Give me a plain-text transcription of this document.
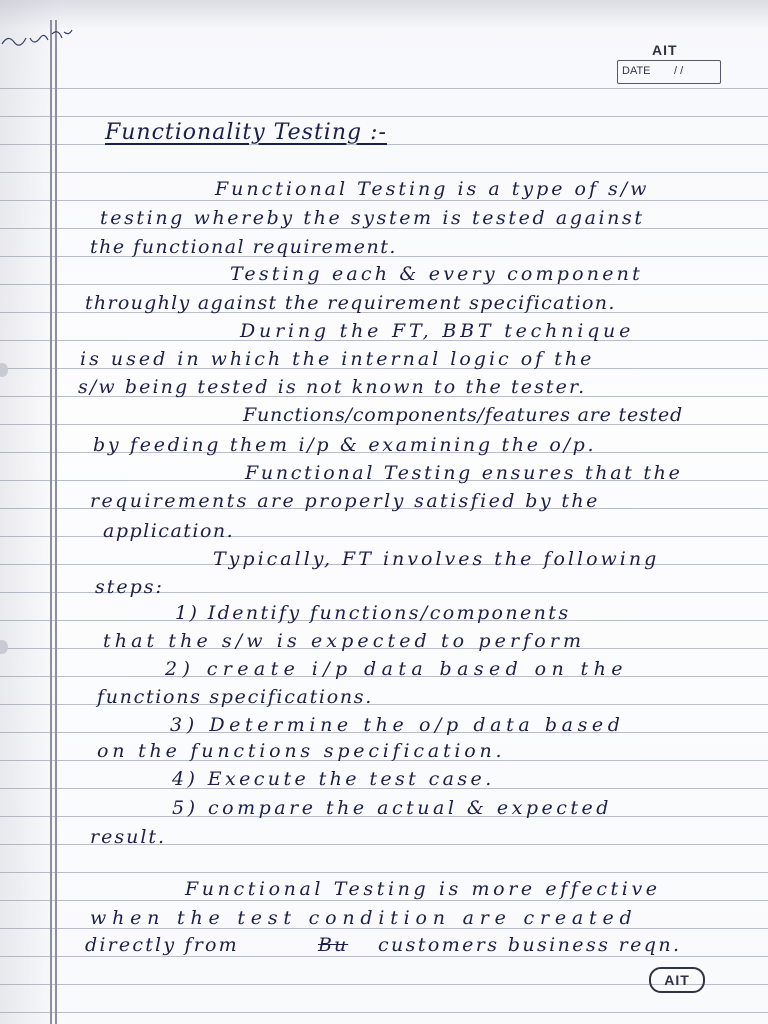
AIT
DATE / /
Functionality Testing :-
Functional Testing is a type of s/w
testing whereby the system is tested against
the functional requirement.
Testing each & every component
throughly against the requirement specification.
During the FT, BBT technique
is used in which the internal logic of the
s/w being tested is not known to the tester.
Functions/components/features are tested
by feeding them i/p & examining the o/p.
Functional Testing ensures that the
requirements are properly satisfied by the
application.
Typically, FT involves the following
steps:
1) Identify functions/components
that the s/w is expected to perform
2) create i/p data based on the
functions specifications.
3) Determine the o/p data based
on the functions specification.
4) Execute the test case.
5) compare the actual & expected
result.
Functional Testing is more effective
when the test condition are created
directly from	Bu customers business reqn.
AIT
